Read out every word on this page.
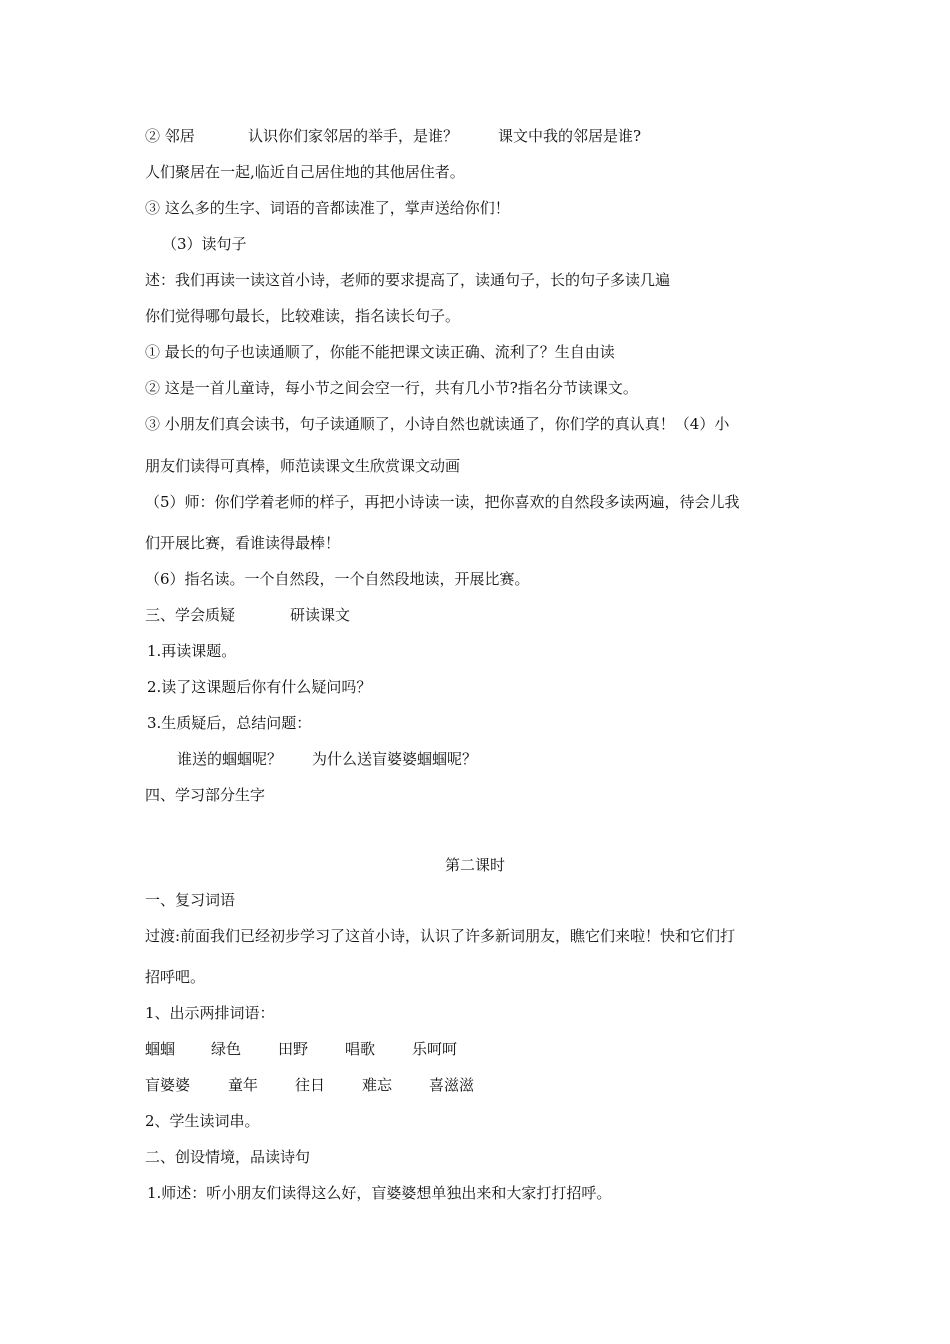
② 邻居	认识你们家邻居的举手，是谁？	课文中我的邻居是谁?
人们聚居在一起,临近自己居住地的其他居住者。
③ 这么多的生字、词语的音都读准了，掌声送给你们！
（3）读句子
述：我们再读一读这首小诗，老师的要求提高了，读通句子，长的句子多读几遍
你们觉得哪句最长，比较难读，指名读长句子。
① 最长的句子也读通顺了，你能不能把课文读正确、流利了？生自由读
② 这是一首儿童诗，每小节之间会空一行，共有几小节?指名分节读课文。
③ 小朋友们真会读书，句子读通顺了，小诗自然也就读通了，你们学的真认真！（4）小
朋友们读得可真棒，师范读课文生欣赏课文动画
（5）师：你们学着老师的样子，再把小诗读一读，把你喜欢的自然段多读两遍，待会儿我
们开展比赛，看谁读得最棒！
（6）指名读。一个自然段，一个自然段地读，开展比赛。
三、学会质疑	研读课文
1.再读课题。
2.读了这课题后你有什么疑问吗？
3.生质疑后，总结问题：
谁送的蝈蝈呢？ 为什么送盲婆婆蝈蝈呢？
四、学习部分生字
第二课时
一、复习词语
过渡:前面我们已经初步学习了这首小诗，认识了许多新词朋友，瞧它们来啦！快和它们打
招呼吧。
1、出示两排词语：
蝈蝈 绿色 田野 唱歌 乐呵呵
盲婆婆	童年 往日 难忘 喜滋滋
2、学生读词串。
二、创设情境，品读诗句
1.师述：听小朋友们读得这么好，盲婆婆想单独出来和大家打打招呼。
